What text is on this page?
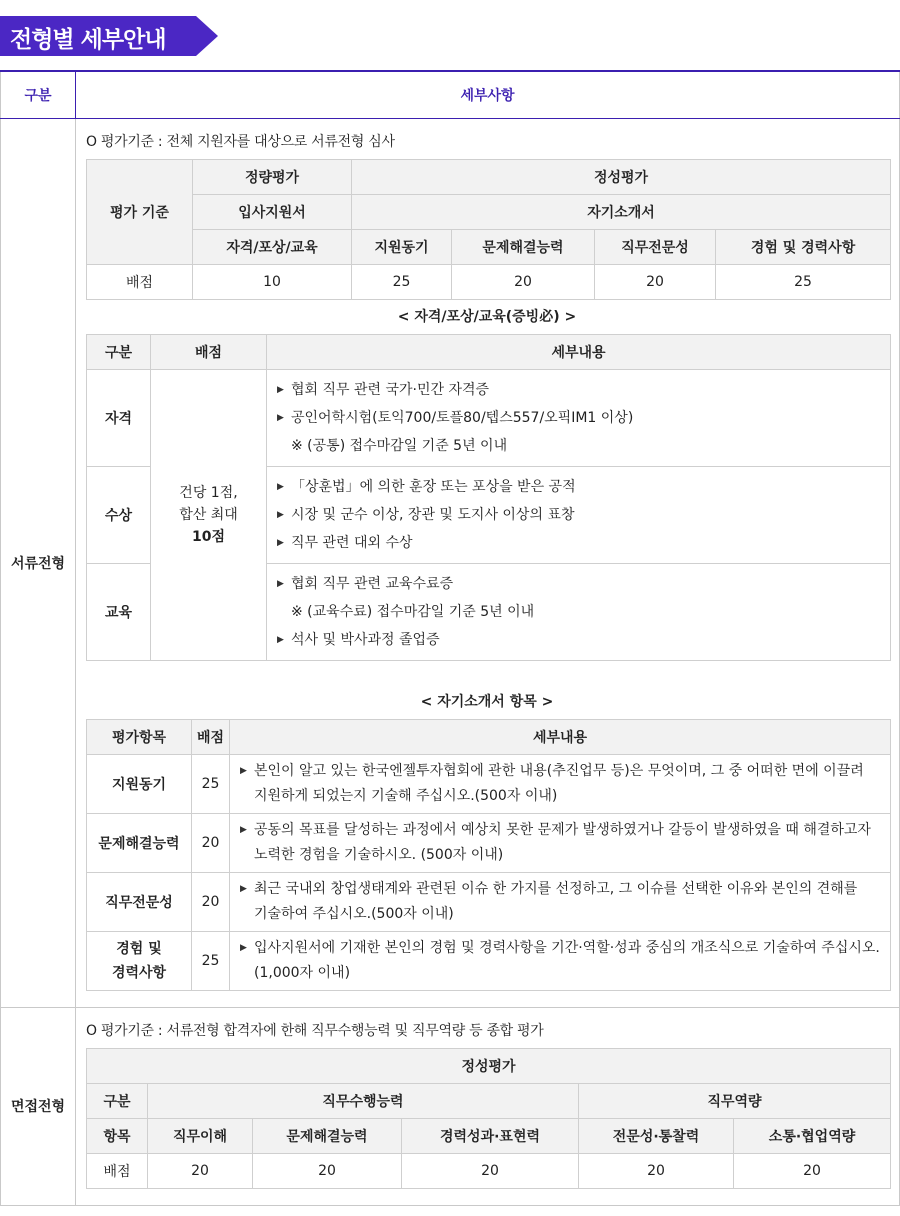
전형별 세부안내
구분	세부사항
서류전형	
O 평가기준 : 전체 지원자를 대상으로 서류전형 심사
평가 기준	정량평가	정성평가
입사지원서	자기소개서
자격/포상/교육	지원동기	문제해결능력	직무전문성	경험 및 경력사항
배점	10	25	20	20	25
< 자격/포상/교육(증빙必) >
구분	배점	세부내용
자격	
건당 1점,
합산 최대
10점

▶ 협회 직무 관련 국가·민간 자격증
▶ 공인어학시험(토익700/토플80/텝스557/오픽IM1 이상)
※ (공통) 접수마감일 기준 5년 이내

수상	
▶ 「상훈법」에 의한 훈장 또는 포상을 받은 공적
▶ 시장 및 군수 이상, 장관 및 도지사 이상의 표창
▶ 직무 관련 대외 수상

교육	
▶ 협회 직무 관련 교육수료증
※ (교육수료) 접수마감일 기준 5년 이내
▶ 석사 및 박사과정 졸업증
< 자기소개서 항목 >
평가항목	배점	세부내용
지원동기	25	
▶ 본인이 알고 있는 한국엔젤투자협회에 관한 내용(추진업무 등)은 무엇이며, 그 중 어떠한 면에 이끌려
지원하게 되었는지 기술해 주십시오.(500자 이내)

문제해결능력	20	
▶ 공동의 목표를 달성하는 과정에서 예상치 못한 문제가 발생하였거나 갈등이 발생하였을 때 해결하고자
노력한 경험을 기술하시오. (500자 이내)

직무전문성	20	
▶ 최근 국내외 창업생태계와 관련된 이슈 한 가지를 선정하고, 그 이슈를 선택한 이유와 본인의 견해를
기술하여 주십시오.(500자 이내)

경험 및
경력사항
	25	
▶ 입사지원서에 기재한 본인의 경험 및 경력사항을 기간·역할·성과 중심의 개조식으로 기술하여 주십시오.
(1,000자 이내)

면접전형	
O 평가기준 : 서류전형 합격자에 한해 직무수행능력 및 직무역량 등 종합 평가
정성평가
구분	직무수행능력	직무역량
항목	직무이해	문제해결능력	경력성과·표현력	전문성·통찰력	소통·협업역량
배점	20	20	20	20	20
